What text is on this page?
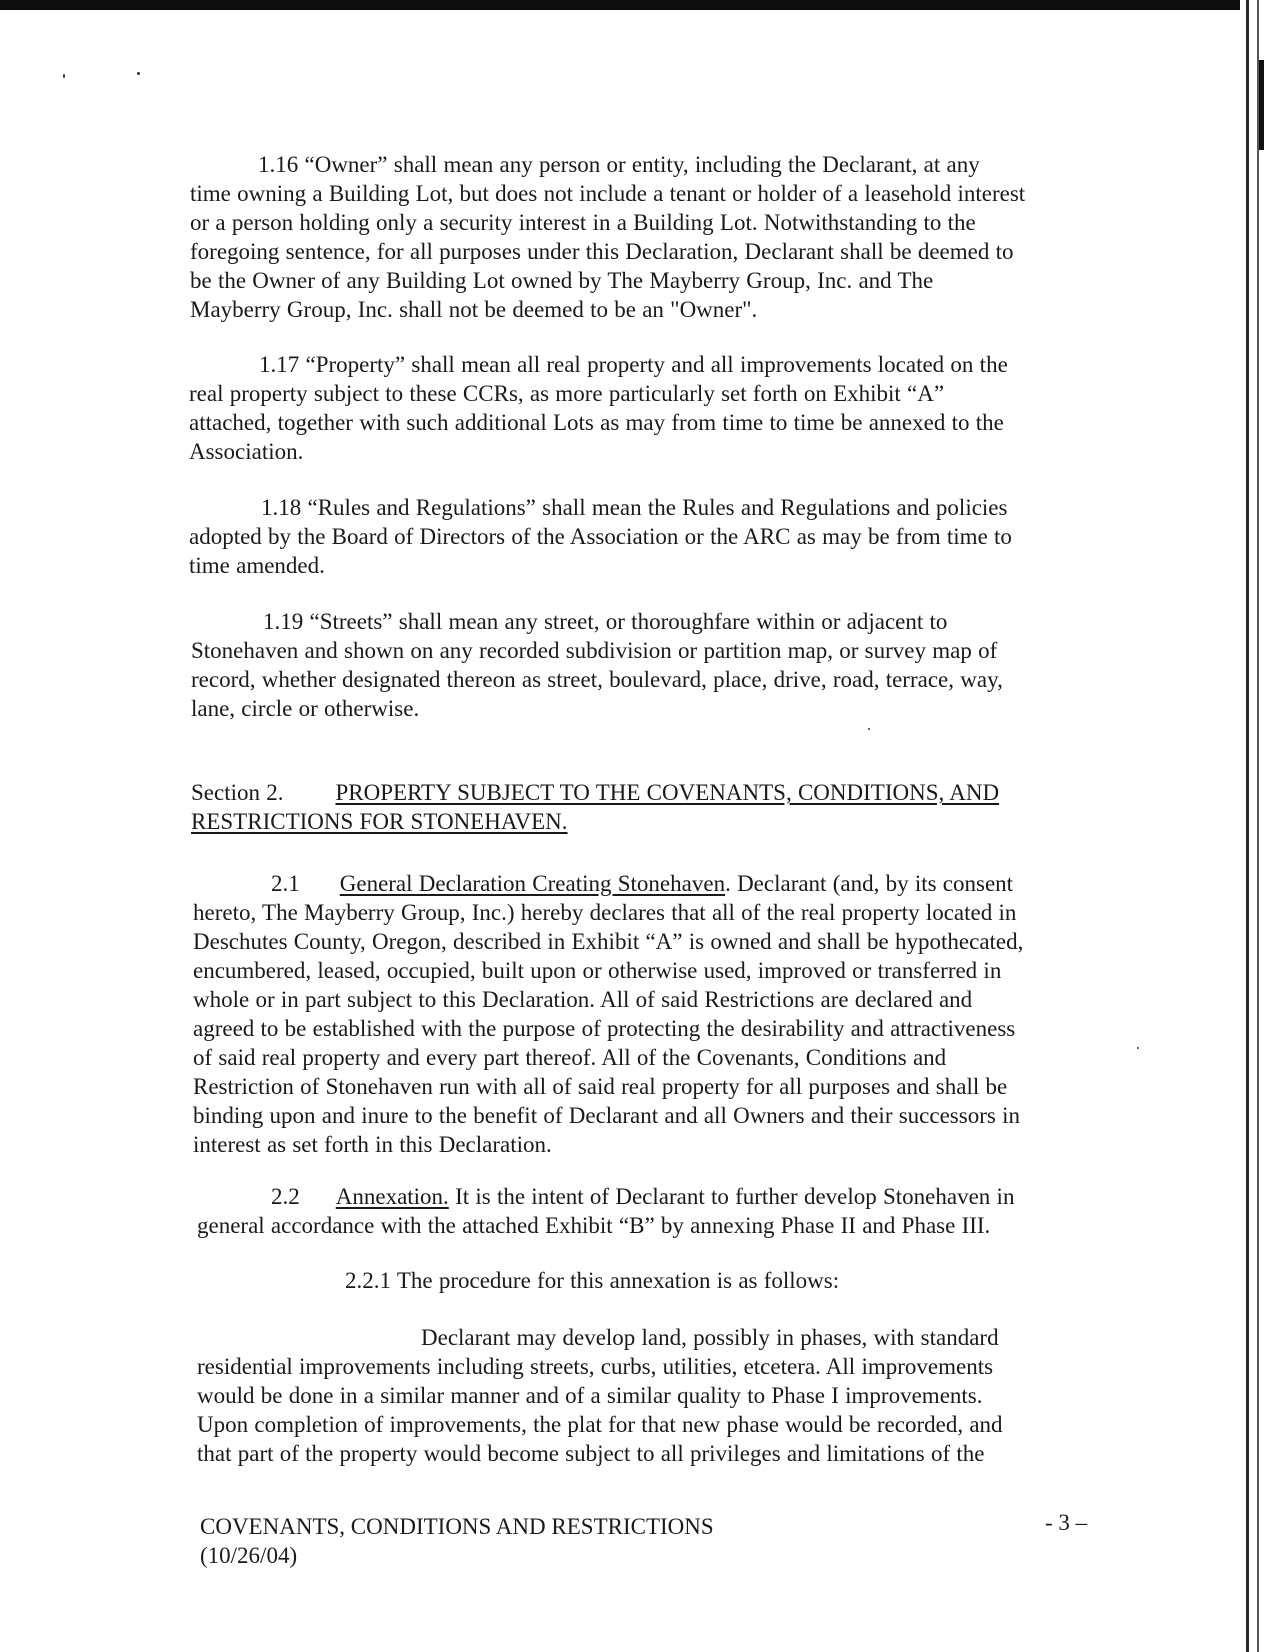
1.16 “Owner” shall mean any person or entity, including the Declarant, at any
time owning a Building Lot, but does not include a tenant or holder of a leasehold interest
or a person holding only a security interest in a Building Lot. Notwithstanding to the
foregoing sentence, for all purposes under this Declaration, Declarant shall be deemed to
be the Owner of any Building Lot owned by The Mayberry Group, Inc. and The
Mayberry Group, Inc. shall not be deemed to be an "Owner".
1.17 “Property” shall mean all real property and all improvements located on the
real property subject to these CCRs, as more particularly set forth on Exhibit “A”
attached, together with such additional Lots as may from time to time be annexed to the
Association.
1.18 “Rules and Regulations” shall mean the Rules and Regulations and policies
adopted by the Board of Directors of the Association or the ARC as may be from time to
time amended.
1.19 “Streets” shall mean any street, or thoroughfare within or adjacent to
Stonehaven and shown on any recorded subdivision or partition map, or survey map of
record, whether designated thereon as street, boulevard, place, drive, road, terrace, way,
lane, circle or otherwise.
Section 2. PROPERTY SUBJECT TO THE COVENANTS, CONDITIONS, AND
RESTRICTIONS FOR STONEHAVEN.
2.1 General Declaration Creating Stonehaven. Declarant (and, by its consent
hereto, The Mayberry Group, Inc.) hereby declares that all of the real property located in
Deschutes County, Oregon, described in Exhibit “A” is owned and shall be hypothecated,
encumbered, leased, occupied, built upon or otherwise used, improved or transferred in
whole or in part subject to this Declaration. All of said Restrictions are declared and
agreed to be established with the purpose of protecting the desirability and attractiveness
of said real property and every part thereof. All of the Covenants, Conditions and
Restriction of Stonehaven run with all of said real property for all purposes and shall be
binding upon and inure to the benefit of Declarant and all Owners and their successors in
interest as set forth in this Declaration.
2.2 Annexation. It is the intent of Declarant to further develop Stonehaven in
general accordance with the attached Exhibit “B” by annexing Phase II and Phase III.
2.2.1 The procedure for this annexation is as follows:
Declarant may develop land, possibly in phases, with standard
residential improvements including streets, curbs, utilities, etcetera. All improvements
would be done in a similar manner and of a similar quality to Phase I improvements.
Upon completion of improvements, the plat for that new phase would be recorded, and
that part of the property would become subject to all privileges and limitations of the
COVENANTS, CONDITIONS AND RESTRICTIONS
(10/26/04)
- 3 –
